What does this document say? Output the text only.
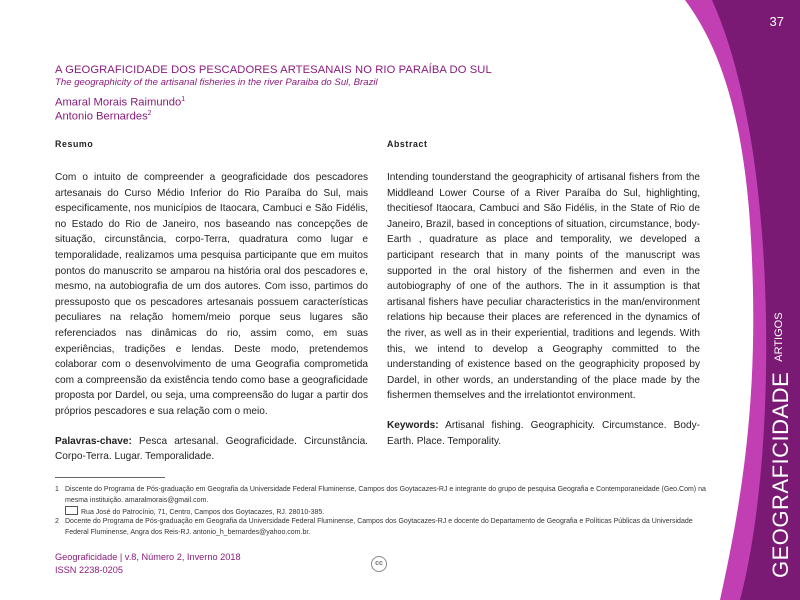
37
$GEOGRAFICIDADE^{ARTIGOS}$
A GEOGRAFICIDADE DOS PESCADORES ARTESANAIS NO RIO PARAÍBA DO SUL
The geographicity of the artisanal fisheries in the river Paraiba do Sul, Brazil
Amaral Morais Raimundo$^1$
Antonio Bernardes$^2$
Resumo
Com o intuito de compreender a geograficidade dos pescadores artesanais do Curso Médio Inferior do Rio Paraíba do Sul, mais especificamente, nos municípios de Itaocara, Cambuci e São Fidélis, no Estado do Rio de Janeiro, nos baseando nas concepções de situação, circunstância, corpo-Terra, quadratura como lugar e temporalidade, realizamos uma pesquisa participante que em muitos pontos do manuscrito se amparou na história oral dos pescadores e, mesmo, na autobiografia de um dos autores. Com isso, partimos do pressuposto que os pescadores artesanais possuem características peculiares na relação homem/meio porque seus lugares são referenciados nas dinâmicas do rio, assim como, em suas experiências, tradições e lendas. Deste modo, pretendemos colaborar com o desenvolvimento de uma Geografia comprometida com a compreensão da existência tendo como base a geograficidade proposta por Dardel, ou seja, uma compreensão do lugar a partir dos próprios pescadores e sua relação com o meio.
Palavras-chave: Pesca artesanal. Geograficidade. Circunstância. Corpo-Terra. Lugar. Temporalidade.
Abstract
Intending tounderstand the geographicity of artisanal fishers from the Middleand Lower Course of a River Paraíba do Sul, highlighting, thecitiesof Itaocara, Cambuci and São Fidélis, in the State of Rio de Janeiro, Brazil, based in conceptions of situation, circumstance, body-Earth , quadrature as place and temporality, we developed a participant research that in many points of the manuscript was supported in the oral history of the fishermen and even in the autobiography of one of the authors. The in it assumption is that artisanal fishers have peculiar characteristics in the man/environment relations hip because their places are referenced in the dynamics of the river, as well as in their experiential, traditions and legends. With this, we intend to develop a Geography committed to the understanding of existence based on the geographicity proposed by Dardel, in other words, an understanding of the place made by the fishermen themselves and the irrelationtot environment.
Keywords: Artisanal fishing. Geographicity. Circumstance. Body-Earth. Place. Temporality.
1 Discente do Programa de Pós-graduação em Geografia da Universidade Federal Fluminense, Campos dos Goytacazes-RJ e integrante do grupo de pesquisa Geografia e Contemporaneidade (Geo.Com) na mesma instituição. amaralmorais@gmail.com.
Rua José do Patrocínio, 71, Centro, Campos dos Goytacazes, RJ. 28010-385.
2 Docente do Programa de Pós-graduação em Geografia da Universidade Federal Fluminense, Campos dos Goytacazes-RJ e docente do Departamento de Geografia e Políticas Públicas da Universidade Federal Fluminense, Angra dos Reis-RJ. antonio_h_bernardes@yahoo.com.br.
Geograficidade | v.8, Número 2, Inverno 2018
ISSN 2238-0205
cc
